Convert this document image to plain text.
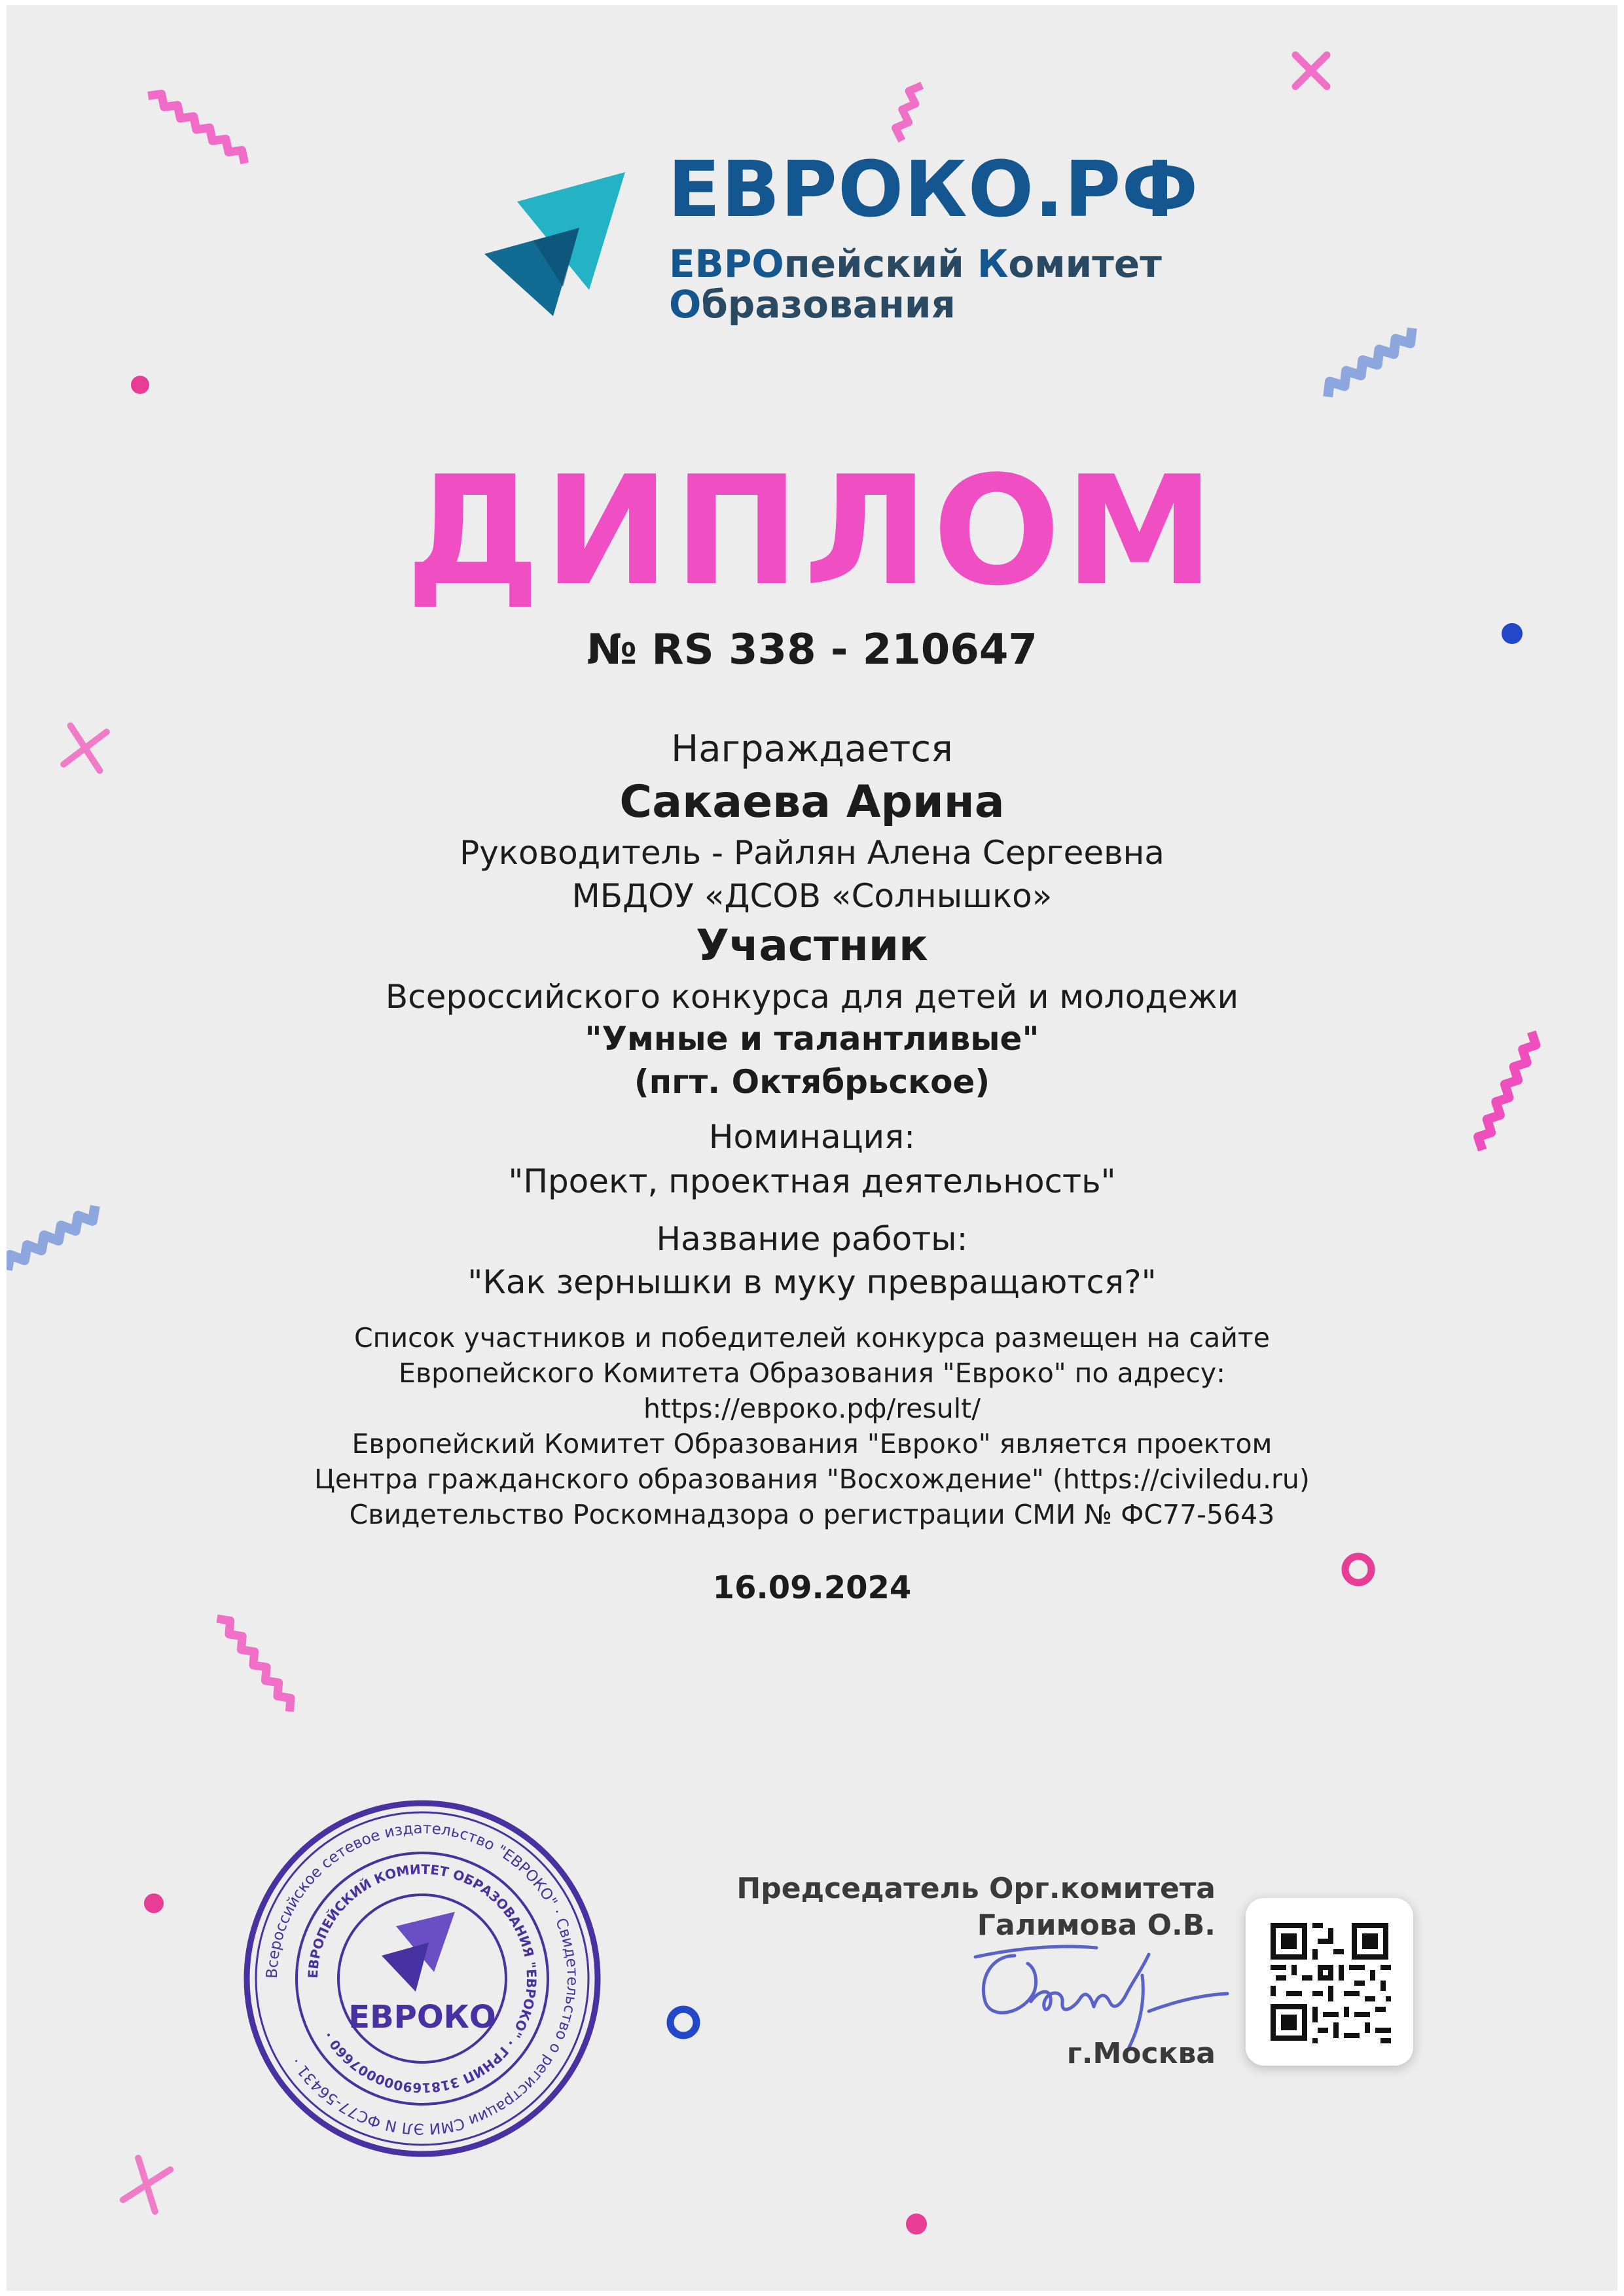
ЕВРОКО.РФ
ЕВРОпейский Комитет
Образования
ДИПЛОМ
№ RS 338 - 210647
Награждается
Сакаева Арина
Руководитель - Райлян Алена Сергеевна
МБДОУ «ДСОВ «Солнышко»
Участник
Всероссийского конкурса для детей и молодежи
"Умные и талантливые"
(пгт. Октябрьское)
Номинация:
"Проект, проектная деятельность"
Название работы:
"Как зернышки в муку превращаются?"
Список участников и победителей конкурса размещен на сайте
Европейского Комитета Образования "Евроко" по адресу:
https://евроко.рф/result/
Европейский Комитет Образования "Евроко" является проектом
Центра гражданского образования "Восхождение" (https://civiledu.ru)
Свидетельство Роскомнадзора о регистрации СМИ № ФС77-5643
16.09.2024
Всероссийское сетевое издательство "ЕВРОКО" · Свидетельство о регистрации СМИ ЭЛ N ФС77-56431 ·
ЕВРОПЕЙСКИЙ КОМИТЕТ ОБРАЗОВАНИЯ "ЕВРОКО" · ГРНИП 318169000007660 · ЕВРОКО
Председатель Орг.комитета
Галимова О.В.
г.Москва
